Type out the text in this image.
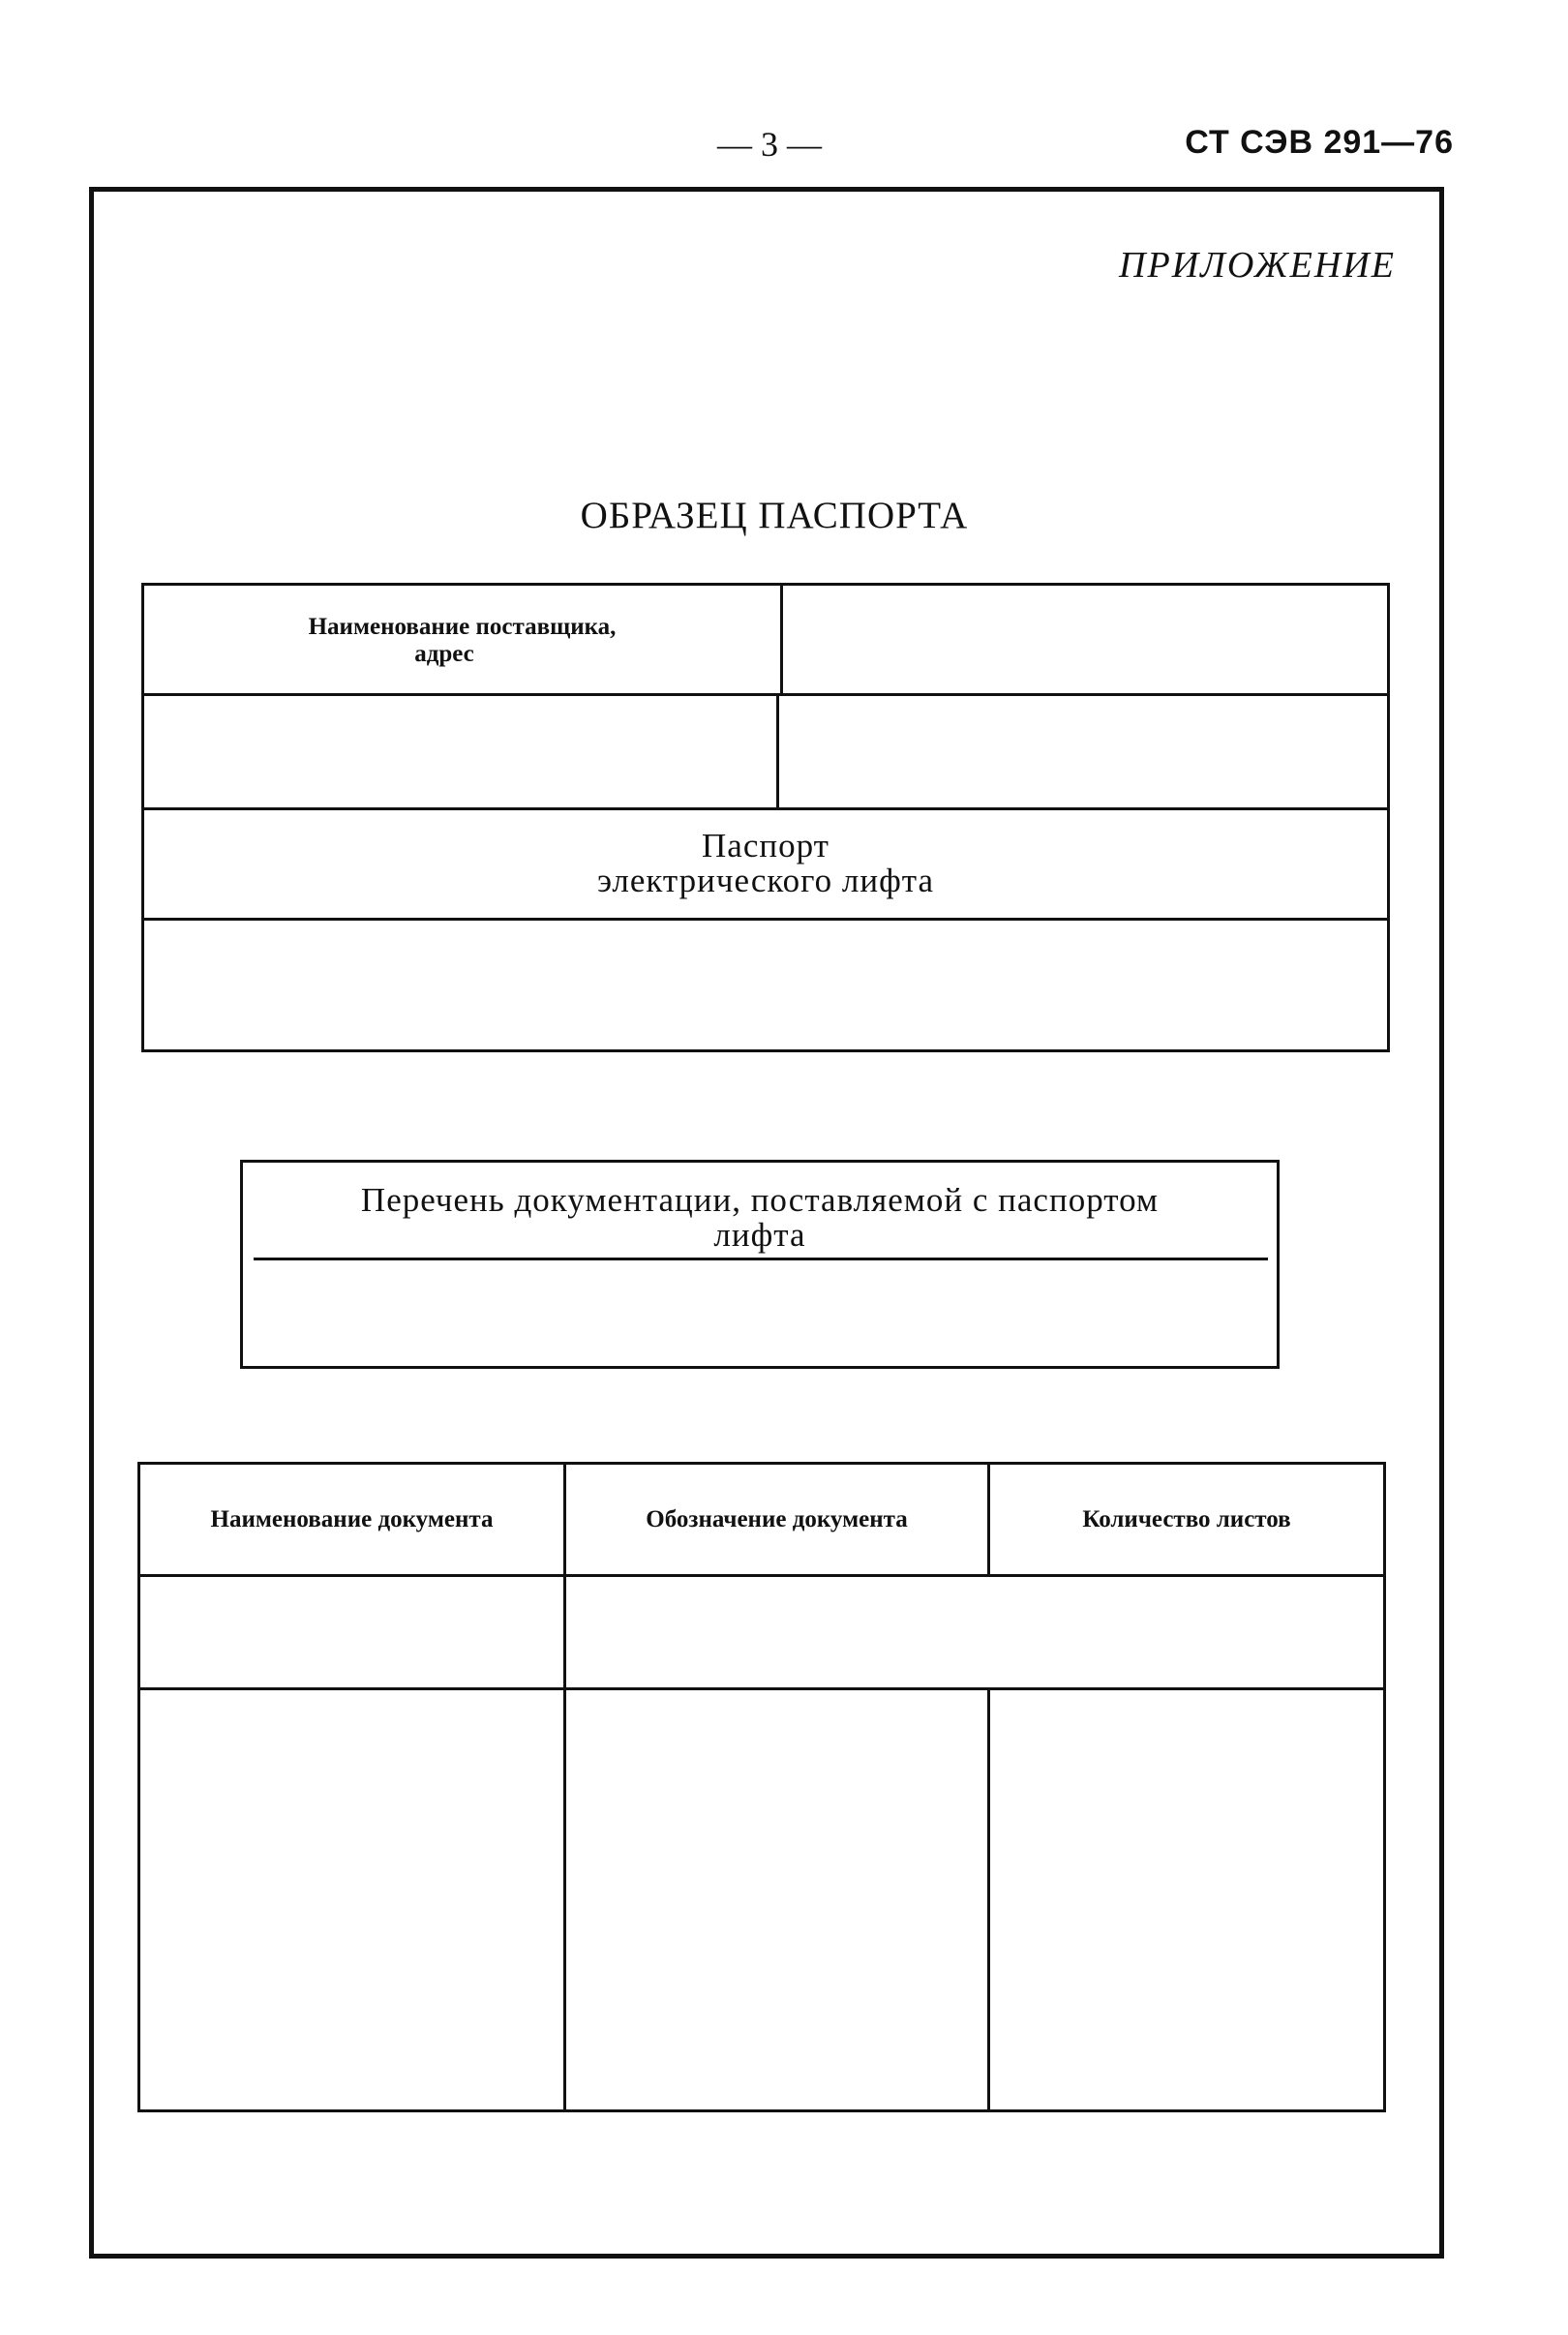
— 3 —	СТ СЭВ 291—76
ПРИЛОЖЕНИЕ
ОБРАЗЕЦ ПАСПОРТА
Наименование поставщика,
адрес
Паспорт
электрического лифта
Перечень документации, поставляемой с паспортом
лифта
Наименование документа	Обозначение документа	Количество листов
